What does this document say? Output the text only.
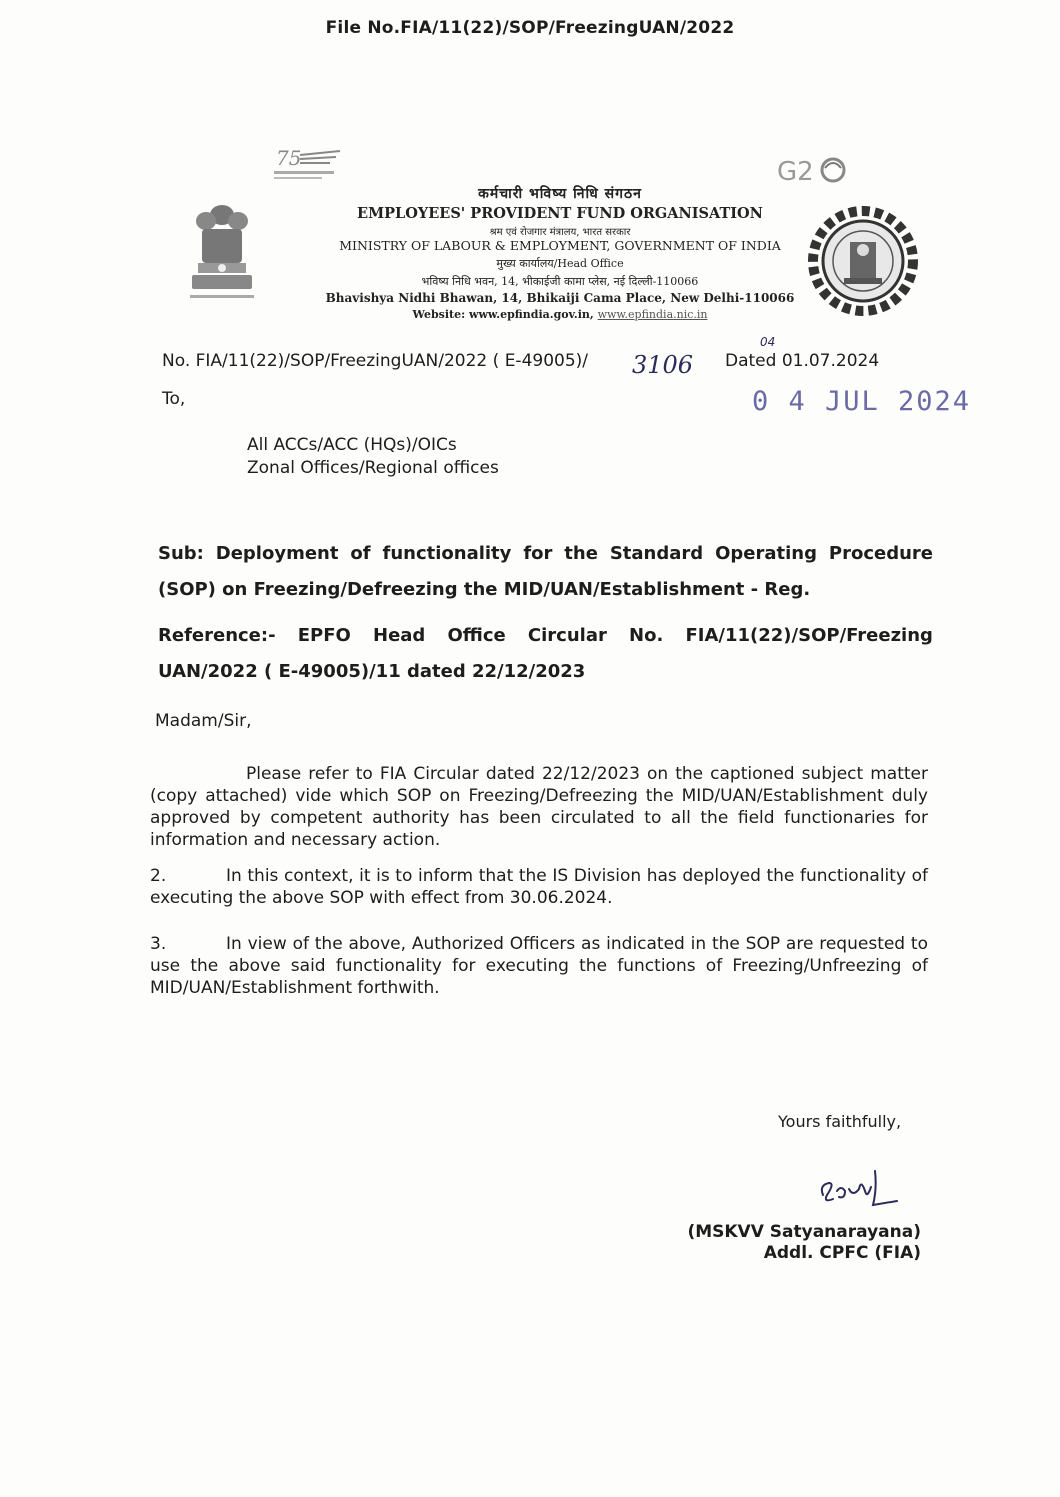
File No.FIA/11(22)/SOP/FreezingUAN/2022
75	G2
कर्मचारी भविष्य निधि संगठन
EMPLOYEES' PROVIDENT FUND ORGANISATION
श्रम एवं रोजगार मंत्रालय, भारत सरकार
MINISTRY OF LABOUR & EMPLOYMENT, GOVERNMENT OF INDIA
मुख्य कार्यालय/Head Office
भविष्य निधि भवन, 14, भीकाईजी कामा प्लेस, नई दिल्ली-110066
Bhavishya Nidhi Bhawan, 14, Bhikaiji Cama Place, New Delhi-110066
Website: www.epfindia.gov.in, www.epfindia.nic.in
No. FIA/11(22)/SOP/FreezingUAN/2022 ( E-49005)/ 3106
04
Dated 01.07.2024
To,	0 4 JUL 2024
All ACCs/ACC (HQs)/OICs
Zonal Offices/Regional offices
Sub: Deployment of functionality for the Standard Operating Procedure (SOP) on Freezing/Defreezing the MID/UAN/Establishment - Reg.
Reference:- EPFO Head Office Circular No. FIA/11(22)/SOP/Freezing
UAN/2022 ( E-49005)/11 dated 22/12/2023
Madam/Sir,
Please refer to FIA Circular dated 22/12/2023 on the captioned subject matter (copy attached) vide which SOP on Freezing/Defreezing the MID/UAN/Establishment duly approved by competent authority has been circulated to all the field functionaries for information and necessary action.
2.	In this context, it is to inform that the IS Division has deployed the functionality of executing the above SOP with effect from 30.06.2024.
3.	In view of the above, Authorized Officers as indicated in the SOP are requested to use the above said functionality for executing the functions of Freezing/Unfreezing of MID/UAN/Establishment forthwith.
Yours faithfully,
(MSKVV Satyanarayana)
Addl. CPFC (FIA)
